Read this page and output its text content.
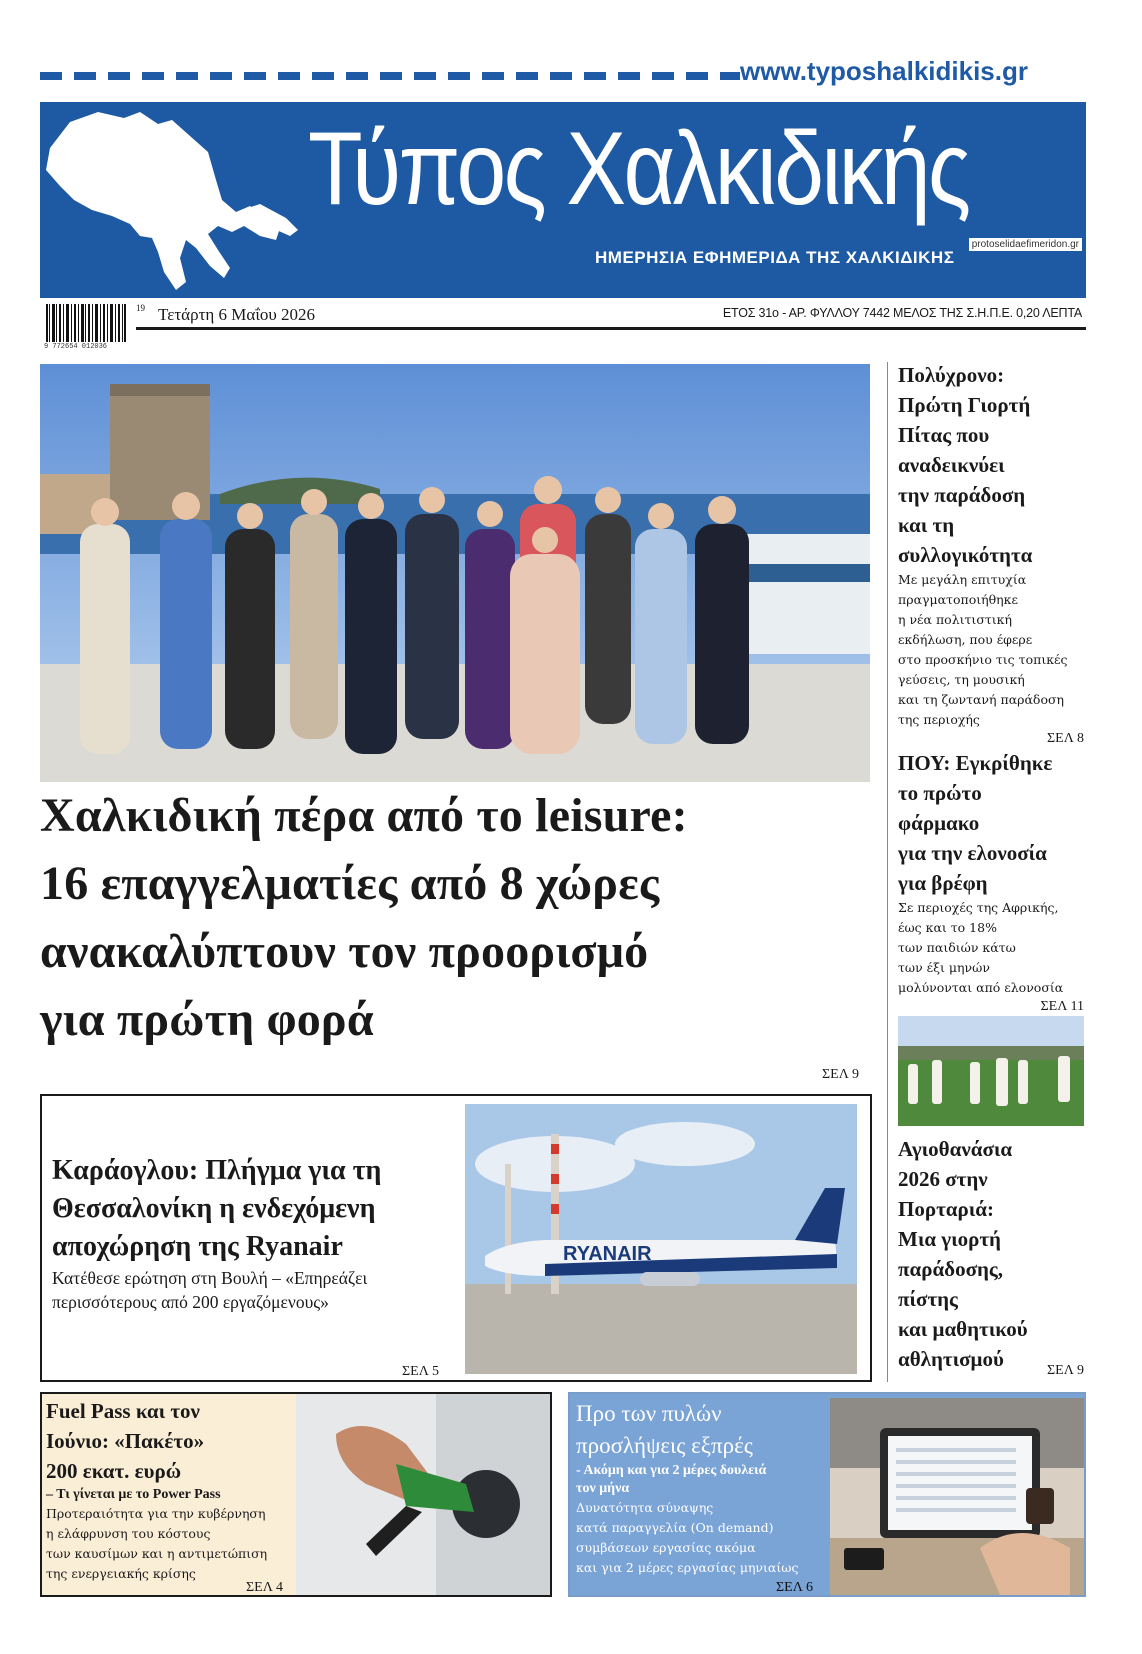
www.typoshalkidikis.gr
Τύπος Χαλκιδικής
ΗΜΕΡΗΣΙΑ ΕΦΗΜΕΡΙΔΑ ΤΗΣ ΧΑΛΚΙΔΙΚΗΣ
protoselidaefimeridon.gr
9 772654 012036
19 Τετάρτη 6 Μαΐου 2026	ΕΤΟΣ 31ο - ΑΡ. ΦΥΛΛΟΥ 7442 ΜΕΛΟΣ ΤΗΣ Σ.Η.Π.Ε. 0,20 ΛΕΠΤΑ
Χαλκιδική πέρα από το leisure:
16 επαγγελματίες από 8 χώρες
ανακαλύπτουν τον προορισμό
για πρώτη φορά
ΣΕΛ 9
Πολύχρονο:
Πρώτη Γιορτή
Πίτας που
αναδεικνύει
την παράδοση
και τη
συλλογικότητα
Με μεγάλη επιτυχία
πραγματοποιήθηκε
η νέα πολιτιστική
εκδήλωση, που έφερε
στο προσκήνιο τις τοπικές
γεύσεις, τη μουσική
και τη ζωντανή παράδοση
της περιοχής
ΣΕΛ 8
ΠΟΥ: Εγκρίθηκε
το πρώτο
φάρμακο
για την ελονοσία
για βρέφη
Σε περιοχές της Αφρικής,
έως και το 18%
των παιδιών κάτω
των έξι μηνών
μολύνονται από ελονοσία
ΣΕΛ 11
Αγιοθανάσια
2026 στην
Πορταριά:
Μια γιορτή
παράδοσης,
πίστης
και μαθητικού
αθλητισμού	ΣΕΛ 9
Καράογλου: Πλήγμα για τη
Θεσσαλονίκη η ενδεχόμενη
αποχώρηση της Ryanair
Κατέθεσε ερώτηση στη Βουλή – «Επηρεάζει
περισσότερους από 200 εργαζόμενους»
ΣΕΛ 5
RYANAIR
Fuel Pass και τον
Ιούνιο: «Πακέτο»
200 εκατ. ευρώ
– Τι γίνεται με το Power Pass
Προτεραιότητα για την κυβέρνηση
η ελάφρυνση του κόστους
των καυσίμων και η αντιμετώπιση
της ενεργειακής κρίσης
ΣΕΛ 4
Προ των πυλών
προσλήψεις εξπρές
- Ακόμη και για 2 μέρες δουλειά
τον μήνα
Δυνατότητα σύναψης
κατά παραγγελία (On demand)
συμβάσεων εργασίας ακόμα
και για 2 μέρες εργασίας μηνιαίως
ΣΕΛ 6
